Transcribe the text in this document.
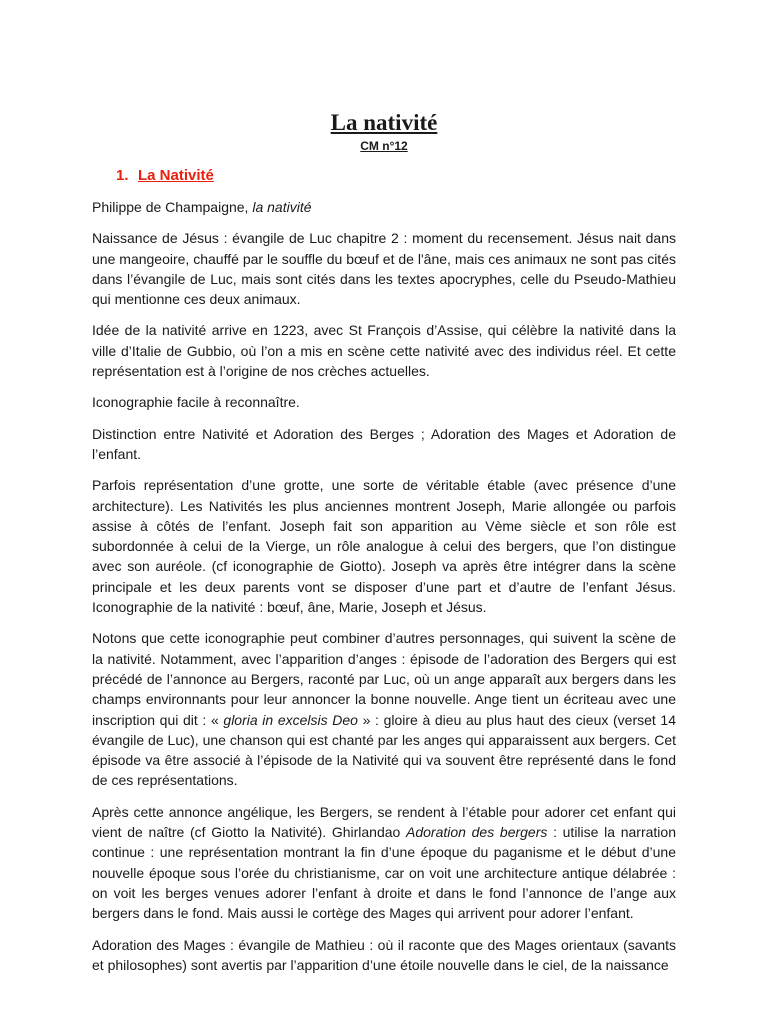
La nativité
CM n°12
1. La Nativité

Philippe de Champaigne, la nativité

Naissance de Jésus : évangile de Luc chapitre 2 : moment du recensement. Jésus nait dans une mangeoire, chauffé par le souffle du bœuf et de l'âne, mais ces animaux ne sont pas cités dans l’évangile de Luc, mais sont cités dans les textes apocryphes, celle du Pseudo-Mathieu qui mentionne ces deux animaux.

Idée de la nativité arrive en 1223, avec St François d’Assise, qui célèbre la nativité dans la ville d’Italie de Gubbio, où l’on a mis en scène cette nativité avec des individus réel. Et cette représentation est à l’origine de nos crèches actuelles.

Iconographie facile à reconnaître.

Distinction entre Nativité et Adoration des Berges ; Adoration des Mages et Adoration de l’enfant.

Parfois représentation d’une grotte, une sorte de véritable étable (avec présence d’une architecture). Les Nativités les plus anciennes montrent Joseph, Marie allongée ou parfois assise à côtés de l’enfant. Joseph fait son apparition au Vème siècle et son rôle est subordonnée à celui de la Vierge, un rôle analogue à celui des bergers, que l’on distingue avec son auréole. (cf iconographie de Giotto). Joseph va après être intégrer dans la scène principale et les deux parents vont se disposer d’une part et d’autre de l’enfant Jésus. Iconographie de la nativité : bœuf, âne, Marie, Joseph et Jésus.

Notons que cette iconographie peut combiner d’autres personnages, qui suivent la scène de la nativité. Notamment, avec l’apparition d’anges : épisode de l’adoration des Bergers qui est précédé de l’annonce au Bergers, raconté par Luc, où un ange apparaît aux bergers dans les champs environnants pour leur annoncer la bonne nouvelle. Ange tient un écriteau avec une inscription qui dit : « gloria in excelsis Deo » : gloire à dieu au plus haut des cieux (verset 14 évangile de Luc), une chanson qui est chanté par les anges qui apparaissent aux bergers. Cet épisode va être associé à l’épisode de la Nativité qui va souvent être représenté dans le fond de ces représentations.

Après cette annonce angélique, les Bergers, se rendent à l’étable pour adorer cet enfant qui vient de naître (cf Giotto la Nativité). Ghirlandao Adoration des bergers : utilise la narration continue : une représentation montrant la fin d’une époque du paganisme et le début d’une nouvelle époque sous l’orée du christianisme, car on voit une architecture antique délabrée : on voit les berges venues adorer l’enfant à droite et dans le fond l’annonce de l’ange aux bergers dans le fond. Mais aussi le cortège des Mages qui arrivent pour adorer l’enfant.

Adoration des Mages : évangile de Mathieu : où il raconte que des Mages orientaux (savants et philosophes) sont avertis par l’apparition d’une étoile nouvelle dans le ciel, de la naissance
